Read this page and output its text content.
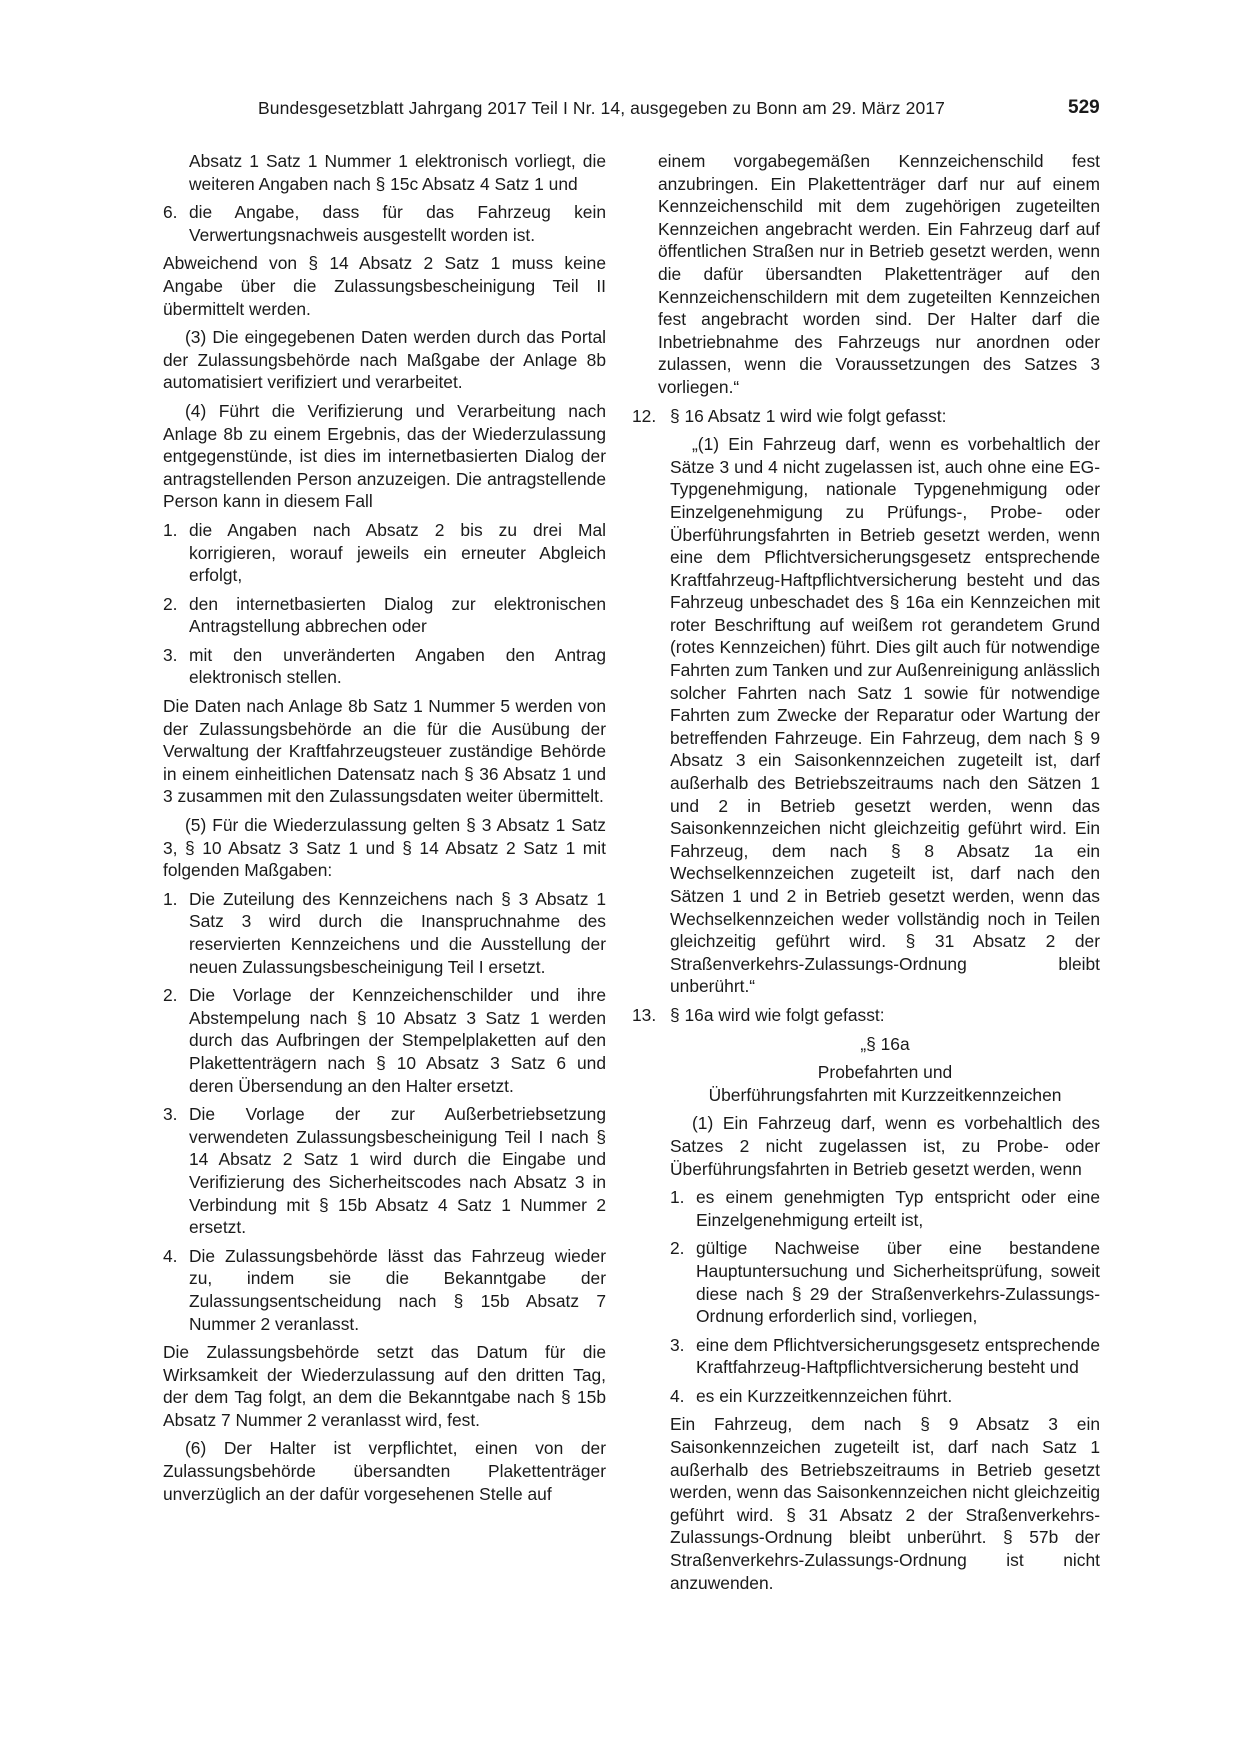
Bundesgesetzblatt Jahrgang 2017 Teil I Nr. 14, ausgegeben zu Bonn am 29. März 2017	529

Absatz 1 Satz 1 Nummer 1 elektronisch vorliegt, die weiteren Angaben nach § 15c Absatz 4 Satz 1 und

6. die Angabe, dass für das Fahrzeug kein Verwertungsnachweis ausgestellt worden ist.

Abweichend von § 14 Absatz 2 Satz 1 muss keine Angabe über die Zulassungsbescheinigung Teil II übermittelt werden.

(3) Die eingegebenen Daten werden durch das Portal der Zulassungsbehörde nach Maßgabe der Anlage 8b automatisiert verifiziert und verarbeitet.

(4) Führt die Verifizierung und Verarbeitung nach Anlage 8b zu einem Ergebnis, das der Wiederzulassung entgegenstünde, ist dies im internetbasierten Dialog der antragstellenden Person anzuzeigen. Die antragstellende Person kann in diesem Fall

1. die Angaben nach Absatz 2 bis zu drei Mal korrigieren, worauf jeweils ein erneuter Abgleich erfolgt,
2. den internetbasierten Dialog zur elektronischen Antragstellung abbrechen oder
3. mit den unveränderten Angaben den Antrag elektronisch stellen.

Die Daten nach Anlage 8b Satz 1 Nummer 5 werden von der Zulassungsbehörde an die für die Ausübung der Verwaltung der Kraftfahrzeugsteuer zuständige Behörde in einem einheitlichen Datensatz nach § 36 Absatz 1 und 3 zusammen mit den Zulassungsdaten weiter übermittelt.

(5) Für die Wiederzulassung gelten § 3 Absatz 1 Satz 3, § 10 Absatz 3 Satz 1 und § 14 Absatz 2 Satz 1 mit folgenden Maßgaben:

1. Die Zuteilung des Kennzeichens nach § 3 Absatz 1 Satz 3 wird durch die Inanspruchnahme des reservierten Kennzeichens und die Ausstellung der neuen Zulassungsbescheinigung Teil I ersetzt.
2. Die Vorlage der Kennzeichenschilder und ihre Abstempelung nach § 10 Absatz 3 Satz 1 werden durch das Aufbringen der Stempelplaketten auf den Plakettenträgern nach § 10 Absatz 3 Satz 6 und deren Übersendung an den Halter ersetzt.
3. Die Vorlage der zur Außerbetriebsetzung verwendeten Zulassungsbescheinigung Teil I nach § 14 Absatz 2 Satz 1 wird durch die Eingabe und Verifizierung des Sicherheitscodes nach Absatz 3 in Verbindung mit § 15b Absatz 4 Satz 1 Nummer 2 ersetzt.
4. Die Zulassungsbehörde lässt das Fahrzeug wieder zu, indem sie die Bekanntgabe der Zulassungsentscheidung nach § 15b Absatz 7 Nummer 2 veranlasst.

Die Zulassungsbehörde setzt das Datum für die Wirksamkeit der Wiederzulassung auf den dritten Tag, der dem Tag folgt, an dem die Bekanntgabe nach § 15b Absatz 7 Nummer 2 veranlasst wird, fest.

(6) Der Halter ist verpflichtet, einen von der Zulassungsbehörde übersandten Plakettenträger unverzüglich an der dafür vorgesehenen Stelle auf

einem vorgabegemäßen Kennzeichenschild fest anzubringen. Ein Plakettenträger darf nur auf einem Kennzeichenschild mit dem zugehörigen zugeteilten Kennzeichen angebracht werden. Ein Fahrzeug darf auf öffentlichen Straßen nur in Betrieb gesetzt werden, wenn die dafür übersandten Plakettenträger auf den Kennzeichenschildern mit dem zugeteilten Kennzeichen fest angebracht worden sind. Der Halter darf die Inbetriebnahme des Fahrzeugs nur anordnen oder zulassen, wenn die Voraussetzungen des Satzes 3 vorliegen.“

12. § 16 Absatz 1 wird wie folgt gefasst:

„(1) Ein Fahrzeug darf, wenn es vorbehaltlich der Sätze 3 und 4 nicht zugelassen ist, auch ohne eine EG-Typgenehmigung, nationale Typgenehmigung oder Einzelgenehmigung zu Prüfungs-, Probe- oder Überführungsfahrten in Betrieb gesetzt werden, wenn eine dem Pflichtversicherungsgesetz entsprechende Kraftfahrzeug-Haftpflichtversicherung besteht und das Fahrzeug unbeschadet des § 16a ein Kennzeichen mit roter Beschriftung auf weißem rot gerandetem Grund (rotes Kennzeichen) führt. Dies gilt auch für notwendige Fahrten zum Tanken und zur Außenreinigung anlässlich solcher Fahrten nach Satz 1 sowie für notwendige Fahrten zum Zwecke der Reparatur oder Wartung der betreffenden Fahrzeuge. Ein Fahrzeug, dem nach § 9 Absatz 3 ein Saisonkennzeichen zugeteilt ist, darf außerhalb des Betriebszeitraums nach den Sätzen 1 und 2 in Betrieb gesetzt werden, wenn das Saisonkennzeichen nicht gleichzeitig geführt wird. Ein Fahrzeug, dem nach § 8 Absatz 1a ein Wechselkennzeichen zugeteilt ist, darf nach den Sätzen 1 und 2 in Betrieb gesetzt werden, wenn das Wechselkennzeichen weder vollständig noch in Teilen gleichzeitig geführt wird. § 31 Absatz 2 der Straßenverkehrs-Zulassungs-Ordnung bleibt unberührt.“

13. § 16a wird wie folgt gefasst:

„§ 16a

Probefahrten und

Überführungsfahrten mit Kurzzeitkennzeichen

(1) Ein Fahrzeug darf, wenn es vorbehaltlich des Satzes 2 nicht zugelassen ist, zu Probe- oder Überführungsfahrten in Betrieb gesetzt werden, wenn

1. es einem genehmigten Typ entspricht oder eine Einzelgenehmigung erteilt ist,
2. gültige Nachweise über eine bestandene Hauptuntersuchung und Sicherheitsprüfung, soweit diese nach § 29 der Straßenverkehrs-Zulassungs-Ordnung erforderlich sind, vorliegen,
3. eine dem Pflichtversicherungsgesetz entsprechende Kraftfahrzeug-Haftpflichtversicherung besteht und
4. es ein Kurzzeitkennzeichen führt.

Ein Fahrzeug, dem nach § 9 Absatz 3 ein Saisonkennzeichen zugeteilt ist, darf nach Satz 1 außerhalb des Betriebszeitraums in Betrieb gesetzt werden, wenn das Saisonkennzeichen nicht gleichzeitig geführt wird. § 31 Absatz 2 der Straßenverkehrs-Zulassungs-Ordnung bleibt unberührt. § 57b der Straßenverkehrs-Zulassungs-Ordnung ist nicht anzuwenden.
